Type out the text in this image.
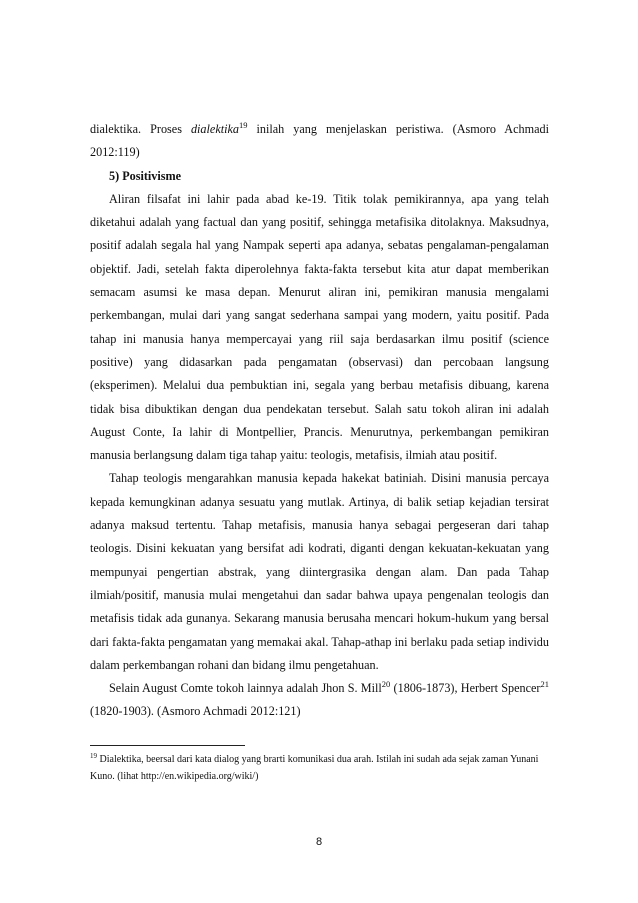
dialektika. Proses dialektika$^{19}$ inilah yang menjelaskan peristiwa. (Asmoro Achmadi 2012:119)

5) Positivisme

Aliran filsafat ini lahir pada abad ke-19. Titik tolak pemikirannya, apa yang telah diketahui adalah yang factual dan yang positif, sehingga metafisika ditolaknya. Maksudnya, positif adalah segala hal yang Nampak seperti apa adanya, sebatas pengalaman-pengalaman objektif. Jadi, setelah fakta diperolehnya fakta-fakta tersebut kita atur dapat memberikan semacam asumsi ke masa depan. Menurut aliran ini, pemikiran manusia mengalami perkembangan, mulai dari yang sangat sederhana sampai yang modern, yaitu positif. Pada tahap ini manusia hanya mempercayai yang riil saja berdasarkan ilmu positif (science positive) yang didasarkan pada pengamatan (observasi) dan percobaan langsung (eksperimen). Melalui dua pembuktian ini, segala yang berbau metafisis dibuang, karena tidak bisa dibuktikan dengan dua pendekatan tersebut. Salah satu tokoh aliran ini adalah August Conte, Ia lahir di Montpellier, Prancis. Menurutnya, perkembangan pemikiran manusia berlangsung dalam tiga tahap yaitu: teologis, metafisis, ilmiah atau positif.

Tahap teologis mengarahkan manusia kepada hakekat batiniah. Disini manusia percaya kepada kemungkinan adanya sesuatu yang mutlak. Artinya, di balik setiap kejadian tersirat adanya maksud tertentu. Tahap metafisis, manusia hanya sebagai pergeseran dari tahap teologis. Disini kekuatan yang bersifat adi kodrati, diganti dengan kekuatan-kekuatan yang mempunyai pengertian abstrak, yang diintergrasika dengan alam. Dan pada Tahap ilmiah/positif, manusia mulai mengetahui dan sadar bahwa upaya pengenalan teologis dan metafisis tidak ada gunanya. Sekarang manusia berusaha mencari hokum-hukum yang bersal dari fakta-fakta pengamatan yang memakai akal. Tahap-athap ini berlaku pada setiap individu dalam perkembangan rohani dan bidang ilmu pengetahuan.

Selain August Comte tokoh lainnya adalah Jhon S. Mill$^{20}$ (1806-1873), Herbert Spencer$^{21}$ (1820-1903). (Asmoro Achmadi 2012:121)

$^{19}$ Dialektika, beersal dari kata dialog yang brarti komunikasi dua arah. Istilah ini sudah ada sejak zaman Yunani Kuno. (lihat http://en.wikipedia.org/wiki/)
8
